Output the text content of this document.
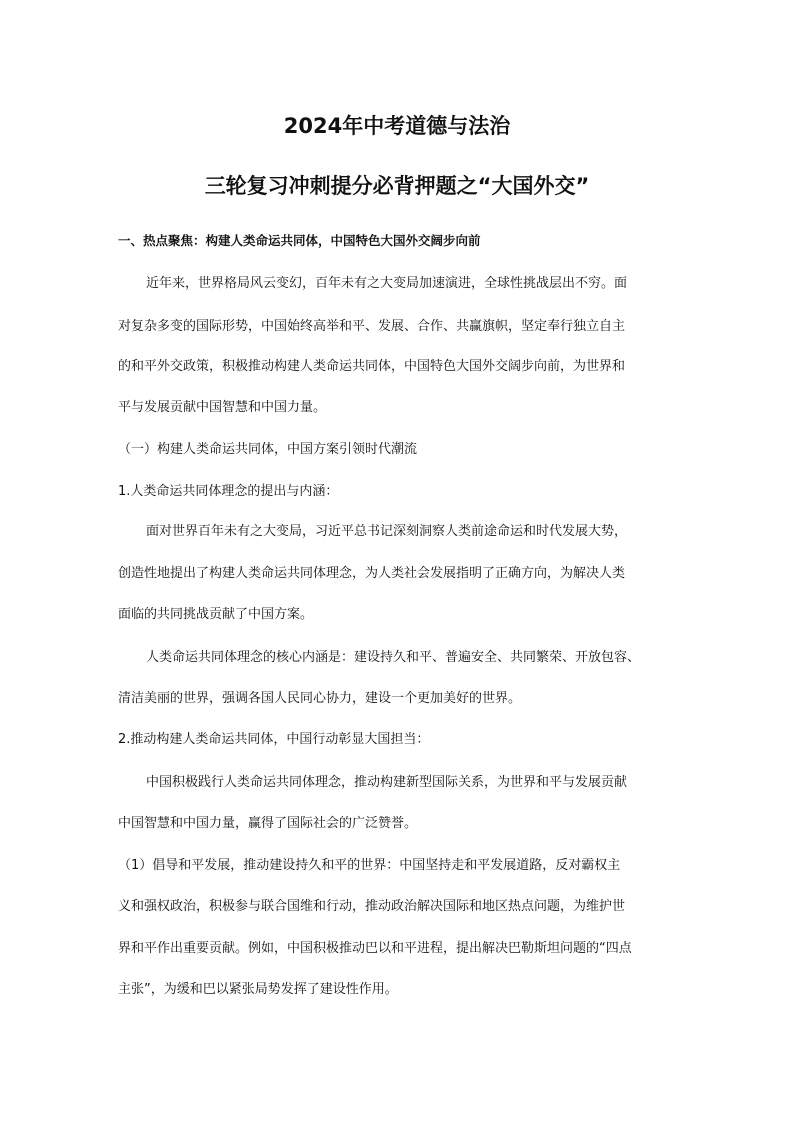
2024年中考道德与法治
三轮复习冲刺提分必背押题之“大国外交”
一、热点聚焦：构建人类命运共同体，中国特色大国外交阔步向前
近年来，世界格局风云变幻，百年未有之大变局加速演进，全球性挑战层出不穷。面
对复杂多变的国际形势，中国始终高举和平、发展、合作、共赢旗帜，坚定奉行独立自主
的和平外交政策，积极推动构建人类命运共同体，中国特色大国外交阔步向前，为世界和
平与发展贡献中国智慧和中国力量。
（一）构建人类命运共同体，中国方案引领时代潮流
1.人类命运共同体理念的提出与内涵：
面对世界百年未有之大变局，习近平总书记深刻洞察人类前途命运和时代发展大势，
创造性地提出了构建人类命运共同体理念，为人类社会发展指明了正确方向，为解决人类
面临的共同挑战贡献了中国方案。
人类命运共同体理念的核心内涵是：建设持久和平、普遍安全、共同繁荣、开放包容、
清洁美丽的世界，强调各国人民同心协力，建设一个更加美好的世界。
2.推动构建人类命运共同体，中国行动彰显大国担当：
中国积极践行人类命运共同体理念，推动构建新型国际关系，为世界和平与发展贡献
中国智慧和中国力量，赢得了国际社会的广泛赞誉。
（1）倡导和平发展，推动建设持久和平的世界：中国坚持走和平发展道路，反对霸权主
义和强权政治，积极参与联合国维和行动，推动政治解决国际和地区热点问题，为维护世
界和平作出重要贡献。例如，中国积极推动巴以和平进程，提出解决巴勒斯坦问题的“四点
主张”，为缓和巴以紧张局势发挥了建设性作用。
